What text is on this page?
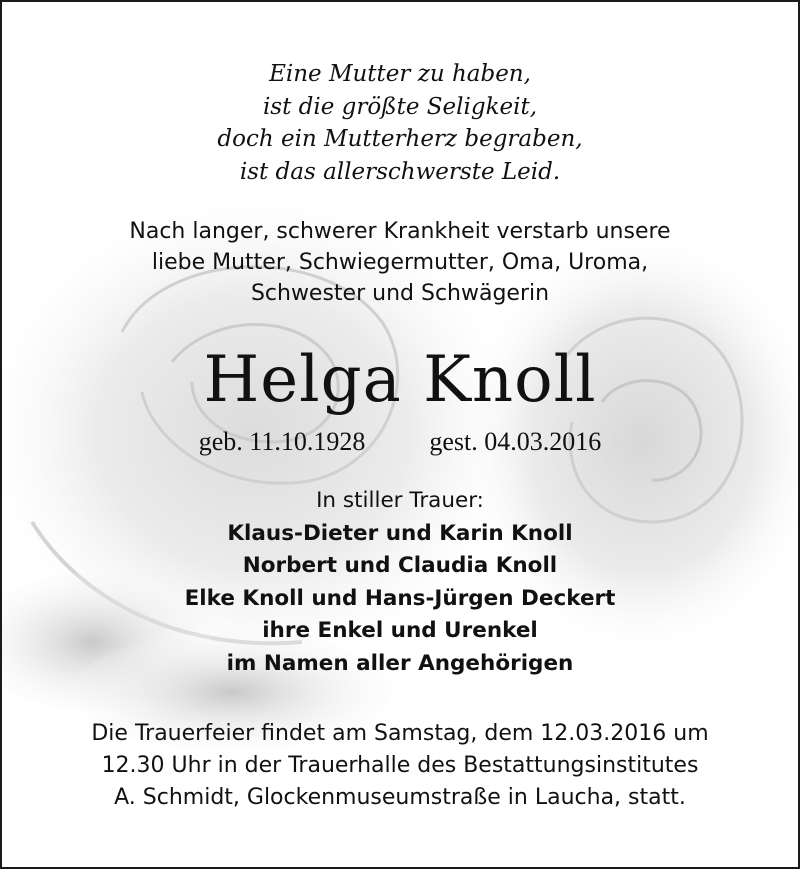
Eine Mutter zu haben,
ist die größte Seligkeit,
doch ein Mutterherz begraben,
ist das allerschwerste Leid.
Nach langer, schwerer Krankheit verstarb unsere
liebe Mutter, Schwiegermutter, Oma, Uroma,
Schwester und Schwägerin
Helga Knoll
geb. 11.10.1928 gest. 04.03.2016
In stiller Trauer:
Klaus-Dieter und Karin Knoll
Norbert und Claudia Knoll
Elke Knoll und Hans-Jürgen Deckert
ihre Enkel und Urenkel
im Namen aller Angehörigen
Die Trauerfeier findet am Samstag, dem 12.03.2016 um
12.30 Uhr in der Trauerhalle des Bestattungsinstitutes
A. Schmidt, Glockenmuseumstraße in Laucha, statt.
